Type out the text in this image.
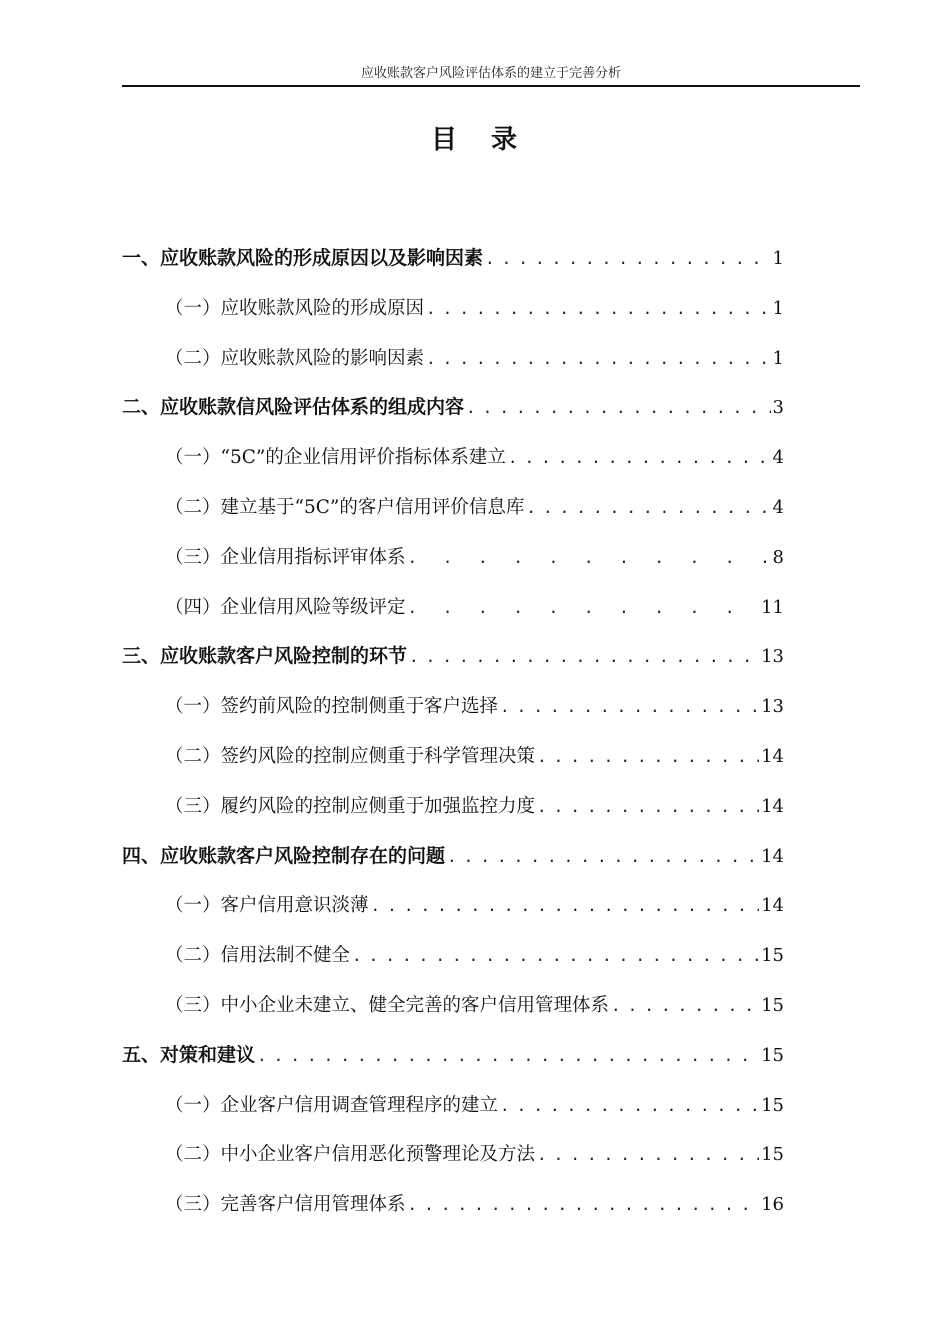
应收账款客户风险评估体系的建立于完善分析
目录
一、应收账款风险的形成原因以及影响因素 . . .	1
（一）应收账款风险的形成原因 . . .	1
（二）应收账款风险的影响因素 . . .	1
二、应收账款信风险评估体系的组成内容 . . .	3
（一）“5C”的企业信用评价指标体系建立 . . .	4
（二）建立基于“5C”的客户信用评价信息库 . . .	4
（三）企业信用指标评审体系 . . .	8
（四）企业信用风险等级评定 . . .	11
三、应收账款客户风险控制的环节 . . .	13
（一）签约前风险的控制侧重于客户选择 . . .	13
（二）签约风险的控制应侧重于科学管理决策 . . .	14
（三）履约风险的控制应侧重于加强监控力度 . . .	14
四、应收账款客户风险控制存在的问题 . . .	14
（一）客户信用意识淡薄 . . .	14
（二）信用法制不健全 . . .	15
（三）中小企业未建立、健全完善的客户信用管理体系 . . .	15
五、对策和建议 . . .	15
（一）企业客户信用调查管理程序的建立 . . .	15
（二）中小企业客户信用恶化预警理论及方法 . . .	15
（三）完善客户信用管理体系 . . .	16
